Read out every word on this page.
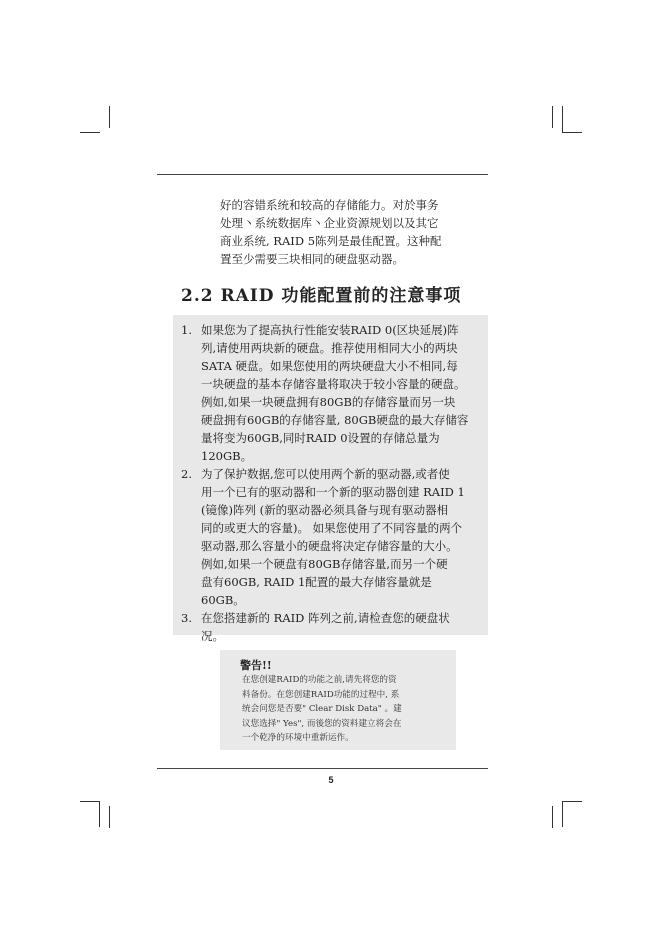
好的容错系统和较高的存储能力。对於事务

处理丶系统数据库丶企业资源规划以及其它

商业系统, RAID 5陈列是最佳配置。这种配

置至少需要三块相同的硬盘驱动器。

2.2 RAID 功能配置前的注意事项
1. 如果您为了提高执行性能安装RAID 0(区块延展)阵

列,请使用两块新的硬盘。推荐使用相同大小的两块

SATA 硬盘。如果您使用的两块硬盘大小不相同,每

一块硬盘的基本存储容量将取决于较小容量的硬盘。

例如,如果一块硬盘拥有80GB的存储容量而另一块

硬盘拥有60GB的存储容量, 80GB硬盘的最大存储容

量将变为60GB,同时RAID 0设置的存储总量为

120GB。

2. 为了保护数据,您可以使用两个新的驱动器,或者使

用一个已有的驱动器和一个新的驱动器创建 RAID 1

(镜像)阵列 (新的驱动器必须具备与现有驱动器相

同的或更大的容量)。 如果您使用了不同容量的两个

驱动器,那么容量小的硬盘将决定存储容量的大小。

例如,如果一个硬盘有80GB存储容量,而另一个硬

盘有60GB, RAID 1配置的最大存储容量就是

60GB。

3. 在您搭建新的 RAID 阵列之前,请检查您的硬盘状

况。

警告!!

在您创建RAID的功能之前,请先将您的资

料备份。在您创建RAID功能的过程中, 系

统会问您是否要" Clear Disk Data" 。建

议您选择" Yes", 而後您的资料建立将会在

一个乾净的环境中重新运作。

5
